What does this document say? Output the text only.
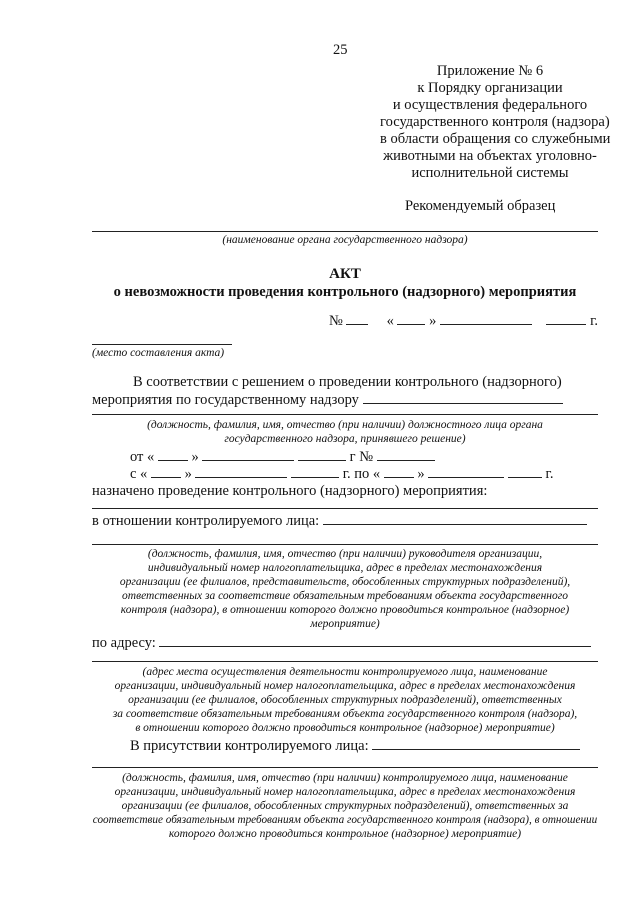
25
Приложение № 6
к Порядку организации
и осуществления федерального
государственного контроля (надзора)
в области обращения со служебными
животными на объектах уголовно-
исполнительной системы
Рекомендуемый образец
(наименование органа государственного надзора)
АКТ
о невозможности проведения контрольного (надзорного) мероприятия
№	« »	г.
(место составления акта)
В соответствии с решением о проведении контрольного (надзорного)
мероприятия по государственному надзору
(должность, фамилия, имя, отчество (при наличии) должностного лица органа
государственного надзора, принявшего решение)
от «	»	г №
с «	»	г. по «	»	г.
назначено проведение контрольного (надзорного) мероприятия:
в отношении контролируемого лица:
(должность, фамилия, имя, отчество (при наличии) руководителя организации,
индивидуальный номер налогоплательщика, адрес в пределах местонахождения
организации (ее филиалов, представительств, обособленных структурных подразделений),
ответственных за соответствие обязательным требованиям объекта государственного
контроля (надзора), в отношении которого должно проводиться контрольное (надзорное)
мероприятие)
по адресу:
(адрес места осуществления деятельности контролируемого лица, наименование
организации, индивидуальный номер налогоплательщика, адрес в пределах местонахождения
организации (ее филиалов, обособленных структурных подразделений), ответственных
за соответствие обязательным требованиям объекта государственного контроля (надзора),
в отношении которого должно проводиться контрольное (надзорное) мероприятие)
В присутствии контролируемого лица:
(должность, фамилия, имя, отчество (при наличии) контролируемого лица, наименование
организации, индивидуальный номер налогоплательщика, адрес в пределах местонахождения
организации (ее филиалов, обособленных структурных подразделений), ответственных за
соответствие обязательным требованиям объекта государственного контроля (надзора), в отношении
которого должно проводиться контрольное (надзорное) мероприятие)
